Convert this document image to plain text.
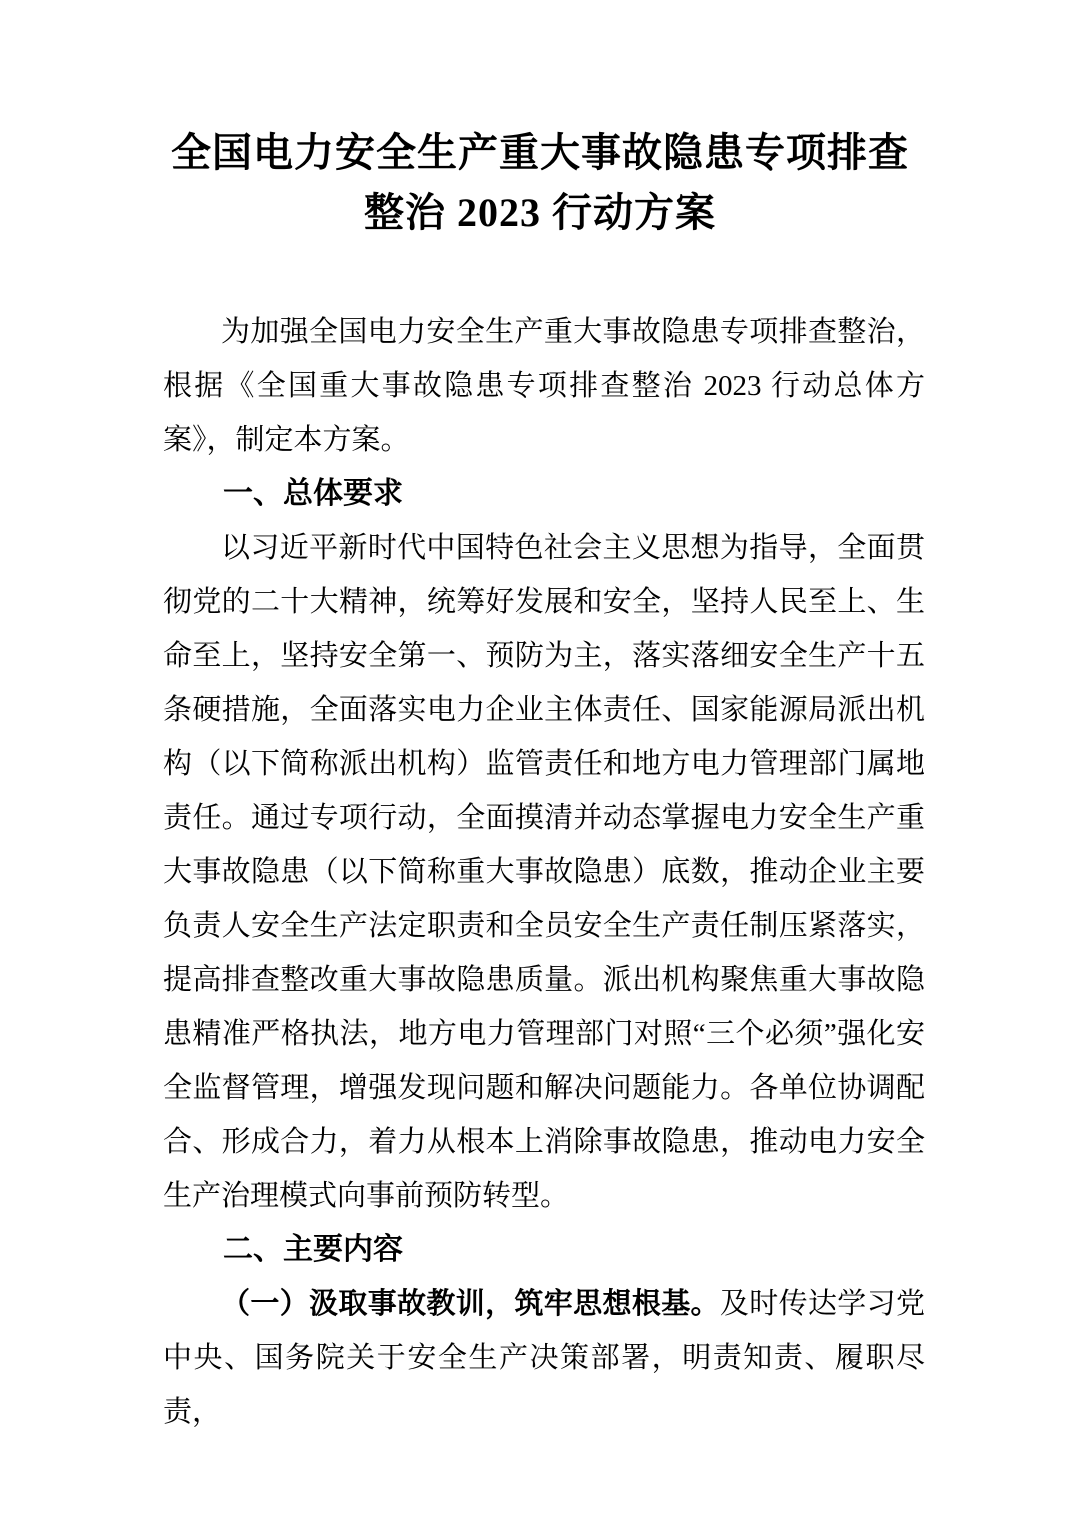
全国电力安全生产重大事故隐患专项排查
整治 2023 行动方案

为加强全国电力安全生产重大事故隐患专项排查整治，根据《全国重大事故隐患专项排查整治 2023 行动总体方案》，制定本方案。

一、总体要求

以习近平新时代中国特色社会主义思想为指导，全面贯彻党的二十大精神，统筹好发展和安全，坚持人民至上、生命至上，坚持安全第一、预防为主，落实落细安全生产十五条硬措施，全面落实电力企业主体责任、国家能源局派出机构（以下简称派出机构）监管责任和地方电力管理部门属地责任。通过专项行动，全面摸清并动态掌握电力安全生产重大事故隐患（以下简称重大事故隐患）底数，推动企业主要负责人安全生产法定职责和全员安全生产责任制压紧落实，提高排查整改重大事故隐患质量。派出机构聚焦重大事故隐患精准严格执法，地方电力管理部门对照“三个必须”强化安全监督管理，增强发现问题和解决问题能力。各单位协调配合、形成合力，着力从根本上消除事故隐患，推动电力安全生产治理模式向事前预防转型。

二、主要内容

（一）汲取事故教训，筑牢思想根基。及时传达学习党中央、国务院关于安全生产决策部署，明责知责、履职尽责，
